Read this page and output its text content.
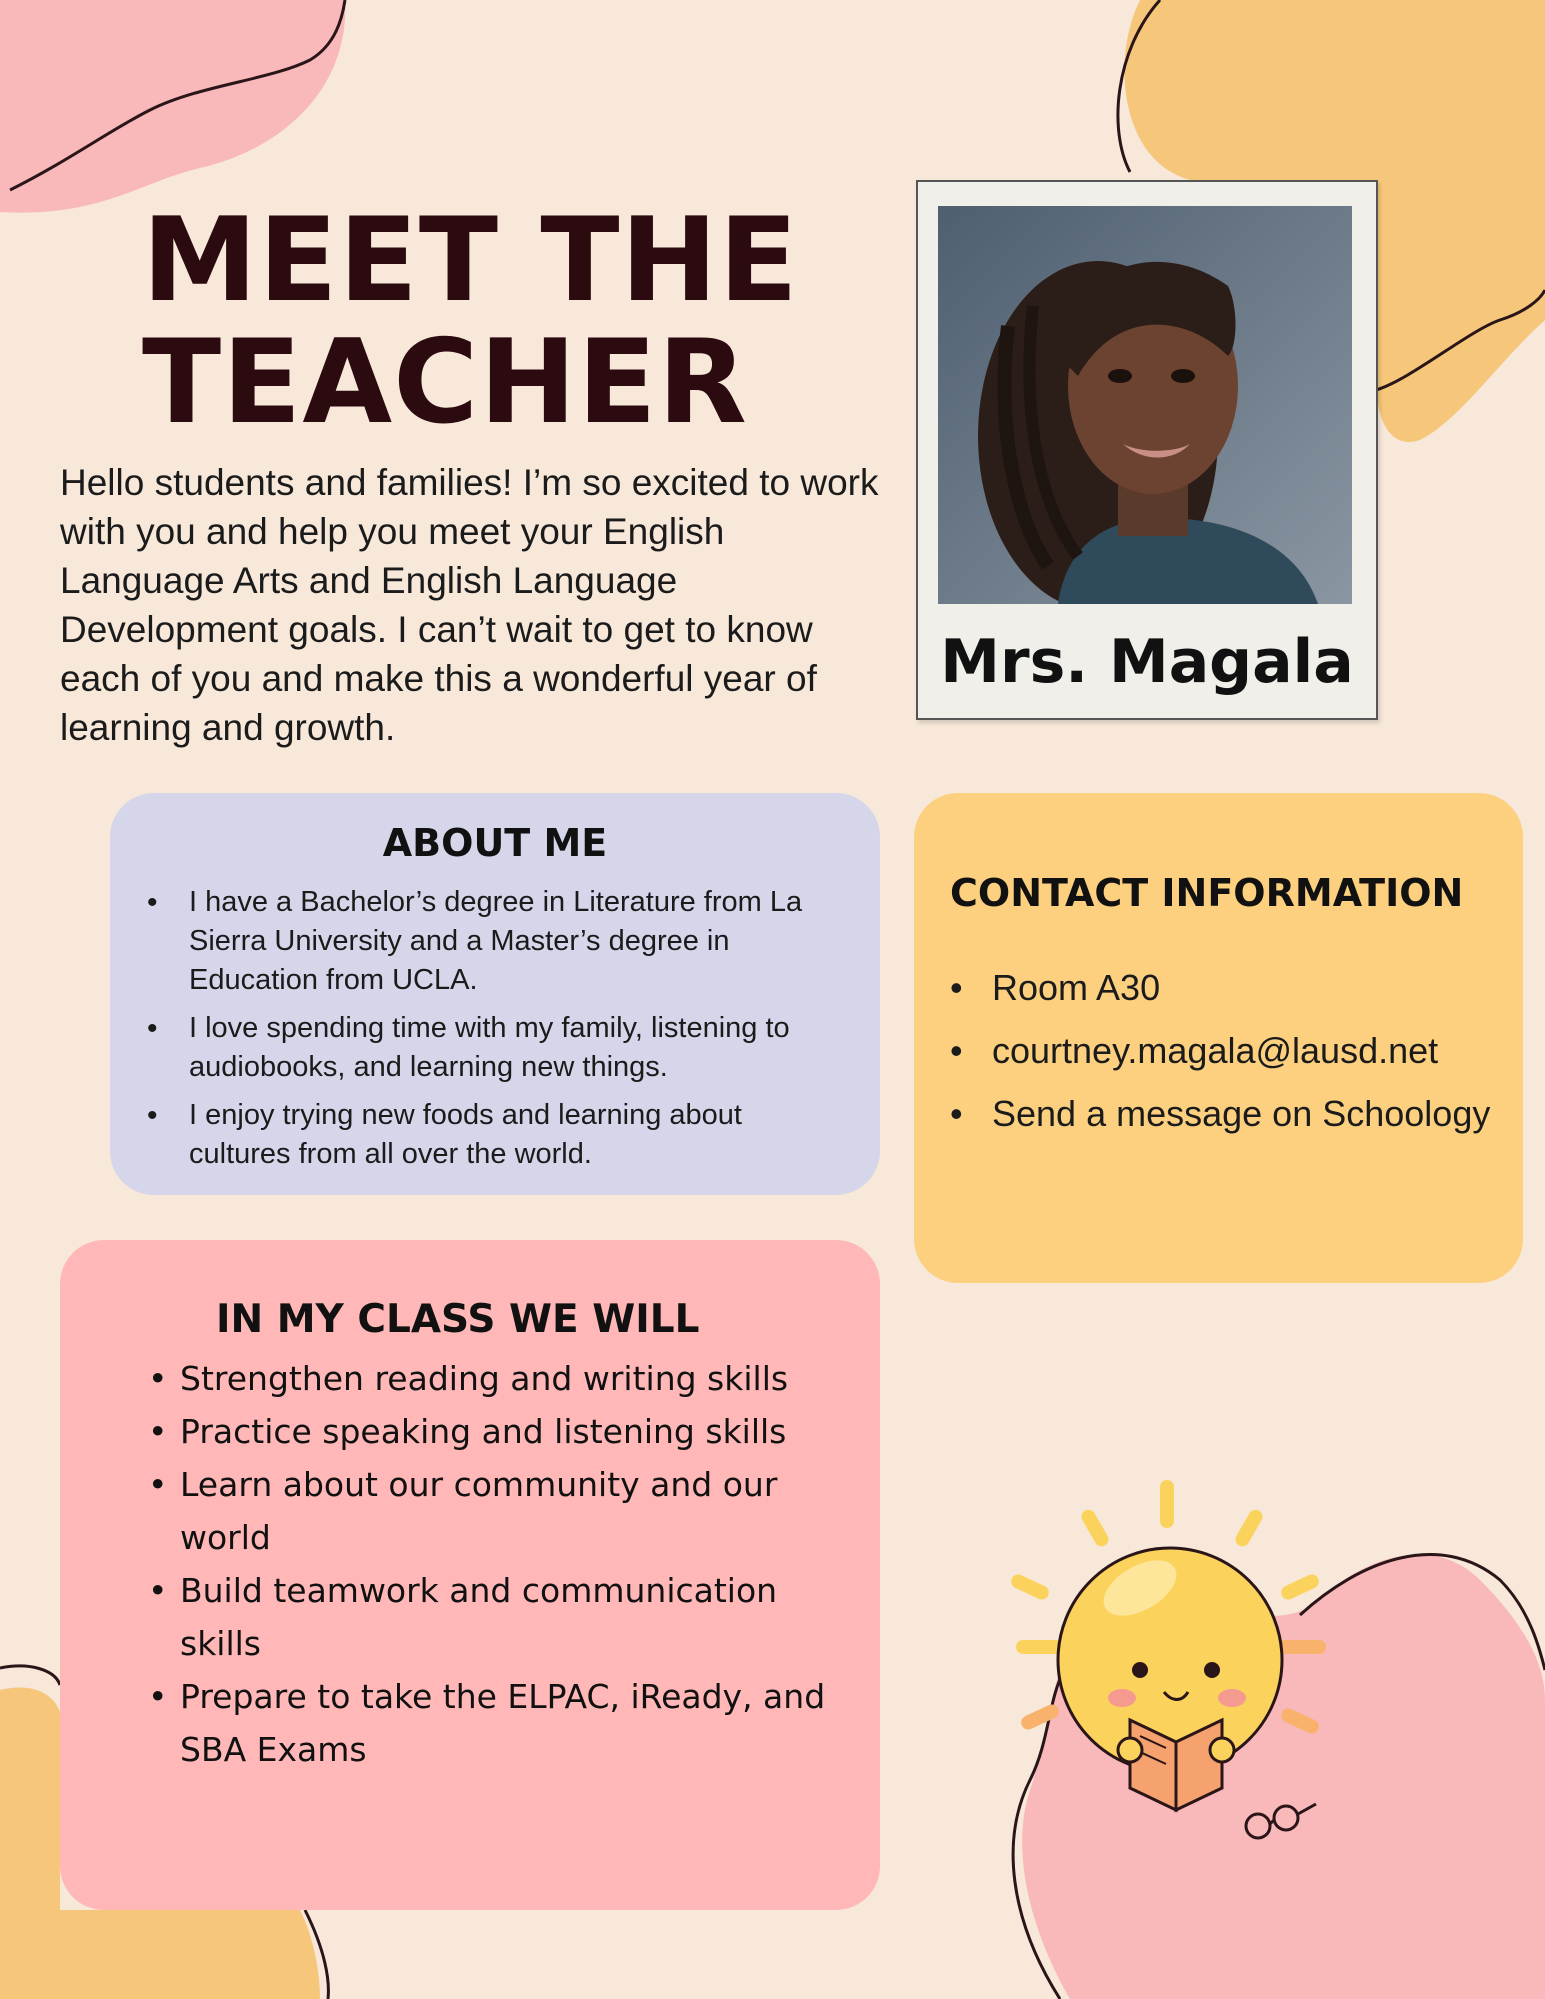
MEET THE
TEACHER

Hello students and families! I’m so excited to work with you and help you meet your English Language Arts and English Language Development goals. I can’t wait to get to know each of you and make this a wonderful year of learning and growth.

Mrs. Magala
ABOUT ME
• I have a Bachelor’s degree in Literature from La Sierra University and a Master’s degree in Education from UCLA.
• I love spending time with my family, listening to audiobooks, and learning new things.
• I enjoy trying new foods and learning about cultures from all over the world.
CONTACT INFORMATION
• Room A30
• courtney.magala@lausd.net
• Send a message on Schoology
IN MY CLASS WE WILL
• Strengthen reading and writing skills
• Practice speaking and listening skills
• Learn about our community and our world
• Build teamwork and communication skills
• Prepare to take the ELPAC, iReady, and SBA Exams
